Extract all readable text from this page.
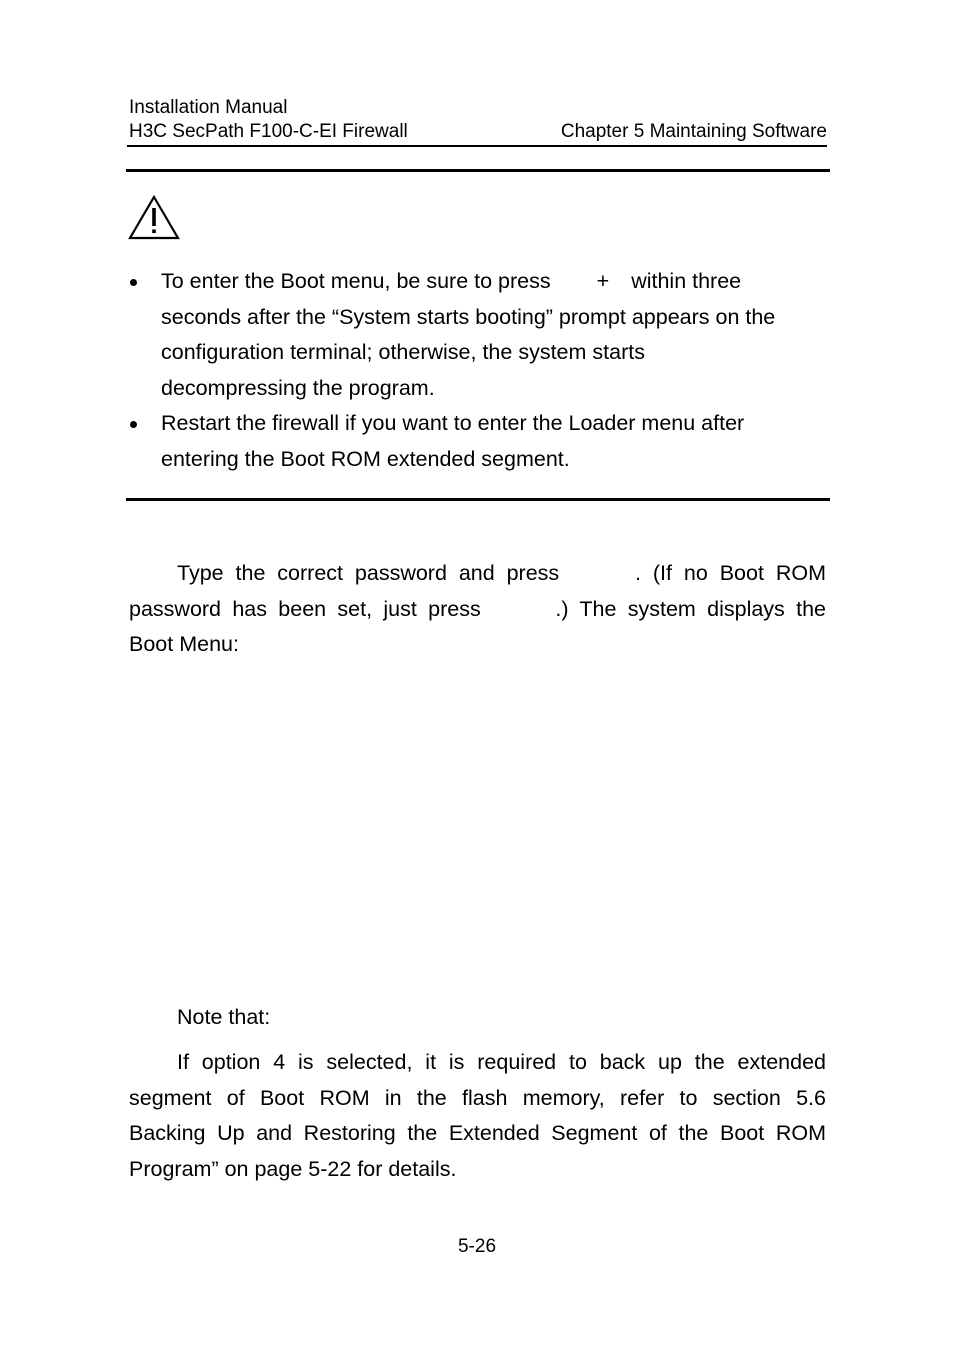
Installation Manual
H3C SecPath F100-C-EI Firewall	Chapter 5 Maintaining Software
To enter the Boot menu, be sure to press + within three
seconds after the “System starts booting” prompt appears on the
configuration terminal; otherwise, the system starts
decompressing the program.
Restart the firewall if you want to enter the Loader menu after
entering the Boot ROM extended segment.
Type the correct password and press	. (If no Boot ROM
password has been set, just press	.) The system displays the
Boot Menu:
Note that:
If option 4 is selected, it is required to back up the extended
segment of Boot ROM in the flash memory, refer to section 5.6
Backing Up and Restoring the Extended Segment of the Boot ROM
Program” on page 5-22 for details.
5-26
